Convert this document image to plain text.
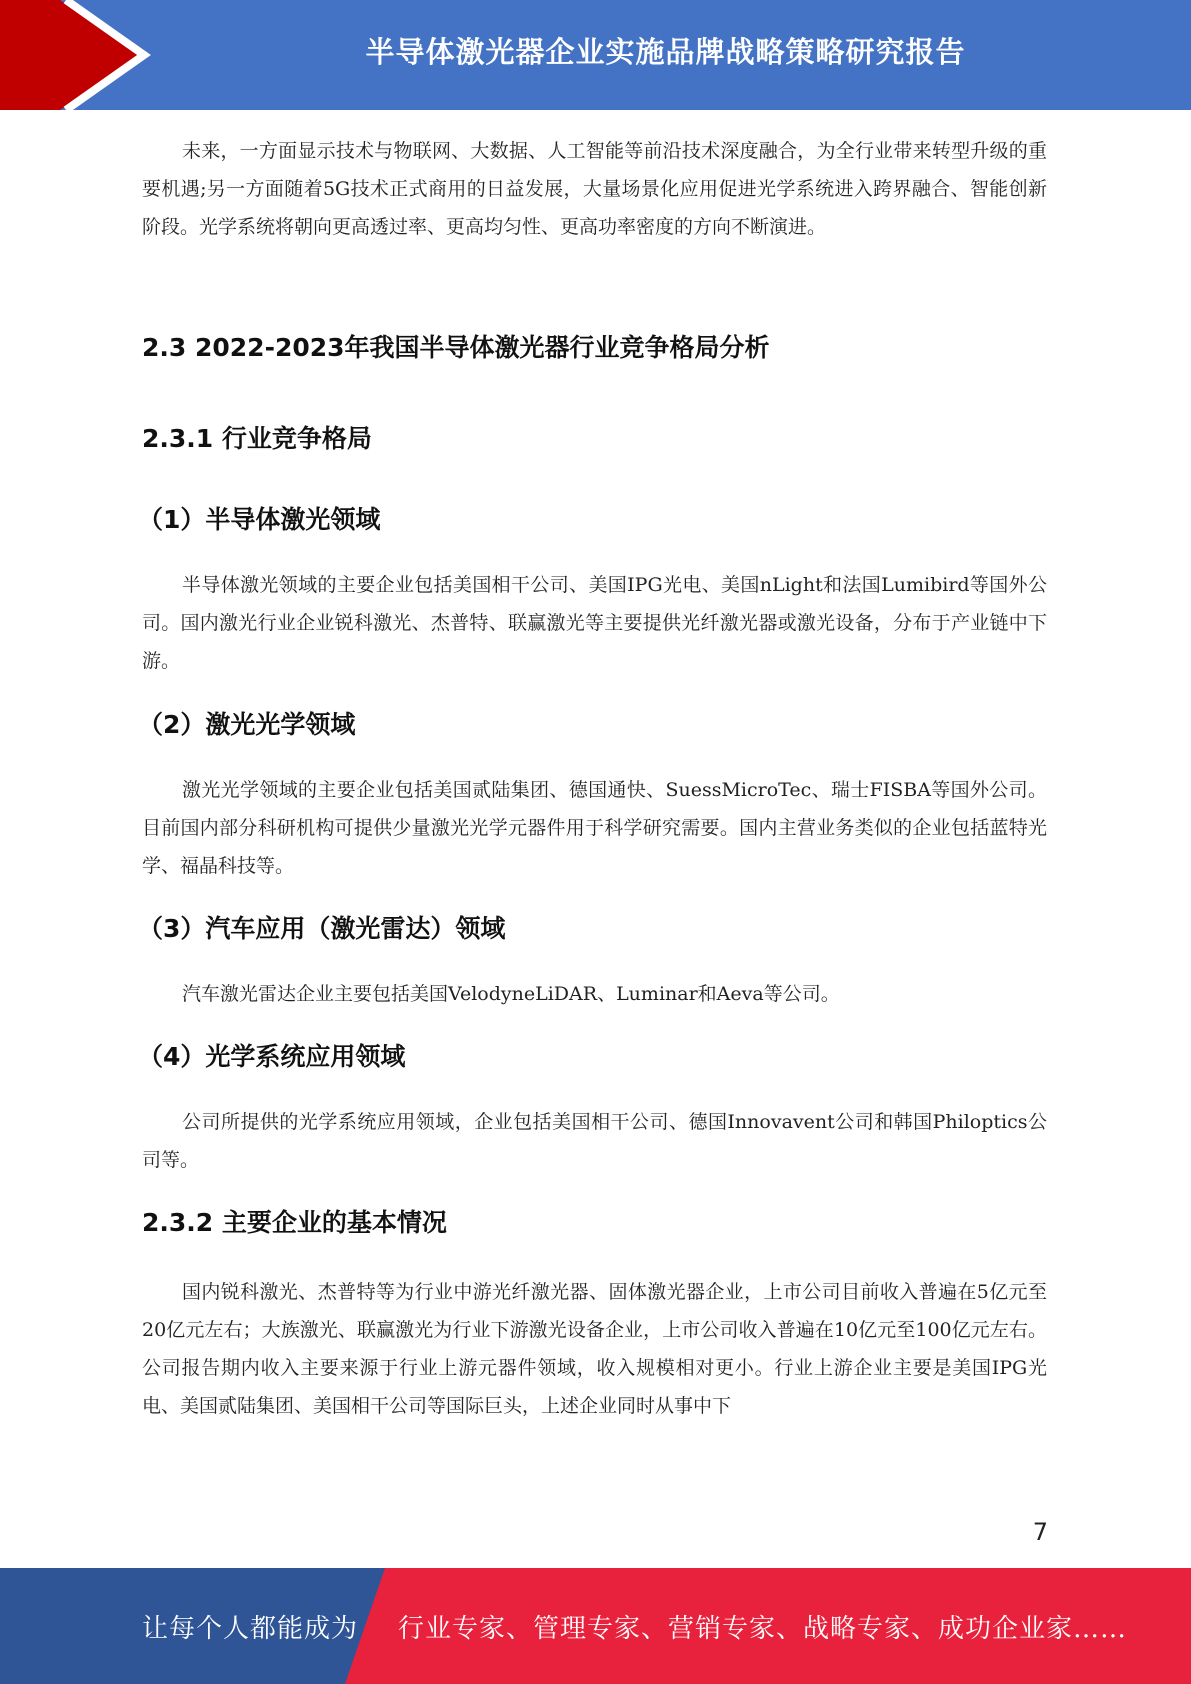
半导体激光器企业实施品牌战略策略研究报告

未来，一方面显示技术与物联网、大数据、人工智能等前沿技术深度融合，为全行业带来转型升级的重要机遇;另一方面随着5G技术正式商用的日益发展，大量场景化应用促进光学系统进入跨界融合、智能创新阶段。光学系统将朝向更高透过率、更高均匀性、更高功率密度的方向不断演进。

2.3 2022-2023年我国半导体激光器行业竞争格局分析
2.3.1 行业竞争格局
（1）半导体激光领域

半导体激光领域的主要企业包括美国相干公司、美国IPG光电、美国nLight和法国Lumibird等国外公司。国内激光行业企业锐科激光、杰普特、联赢激光等主要提供光纤激光器或激光设备，分布于产业链中下游。

（2）激光光学领域

激光光学领域的主要企业包括美国贰陆集团、德国通快、SuessMicroTec、瑞士FISBA等国外公司。目前国内部分科研机构可提供少量激光光学元器件用于科学研究需要。国内主营业务类似的企业包括蓝特光学、福晶科技等。

（3）汽车应用（激光雷达）领域

汽车激光雷达企业主要包括美国VelodyneLiDAR、Luminar和Aeva等公司。

（4）光学系统应用领域

公司所提供的光学系统应用领域，企业包括美国相干公司、德国Innovavent公司和韩国Philoptics公司等。

2.3.2 主要企业的基本情况

国内锐科激光、杰普特等为行业中游光纤激光器、固体激光器企业，上市公司目前收入普遍在5亿元至20亿元左右；大族激光、联赢激光为行业下游激光设备企业，上市公司收入普遍在10亿元至100亿元左右。公司报告期内收入主要来源于行业上游元器件领域，收入规模相对更小。行业上游企业主要是美国IPG光电、美国贰陆集团、美国相干公司等国际巨头，上述企业同时从事中下

7
让每个人都能成为 行业专家、管理专家、营销专家、战略专家、成功企业家……
